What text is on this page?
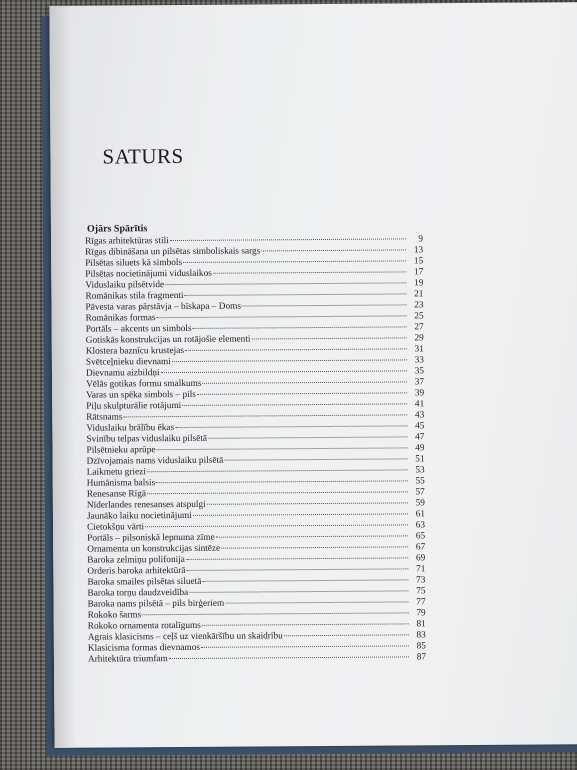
SATURS
Ojārs Spārītis
Rīgas arhitektūras stili	9
Rīgas dibināšana un pilsētas simboliskais sargs	13
Pilsētas siluets kā simbols	15
Pilsētas nocietinājumi viduslaikos	17
Viduslaiku pilsētvide	19
Romānikas stila fragmenti	21
Pāvesta varas pārstāvja – bīskapa – Doms	23
Romānikas formas	25
Portāls – akcents un simbols	27
Gotiskās konstrukcijas un rotājošie elementi	29
Klostera baznīcu krustejas	31
Svētceļnieku dievnami	33
Dievnamu aizbildņi	35
Vēlās gotikas formu smalkums	37
Varas un spēka simbols – pils	39
Piļu skulpturālie rotājumi	41
Rātsnams	43
Viduslaiku brālību ēkas	45
Svinību telpas viduslaiku pilsētā	47
Pilsētnieku aprūpe	49
Dzīvojamais nams viduslaiku pilsētā	51
Laikmetu griezi	53
Humānisma balsis	55
Renesanse Rīgā	57
Nīderlandes renesanses atspulgi	59
Jaunāko laiku nocietinājumi	61
Cietokšņu vārti	63
Portāls – pilsoniskā lepnuma zīme	65
Ornamenta un konstrukcijas sintēze	67
Baroka zelmiņu polifonija	69
Orderis baroka arhitektūrā	71
Baroka smailes pilsētas siluetā	73
Baroka torņu daudzveidība	75
Baroka nams pilsētā – pils birģeriem	77
Rokoko šarms	79
Rokoko ornamenta rotalīgums	81
Agrais klasicisms – ceļš uz vienkāršību un skaidrību	83
Klasicisma formas dievnamos	85
Arhitektūra triumfam	87
